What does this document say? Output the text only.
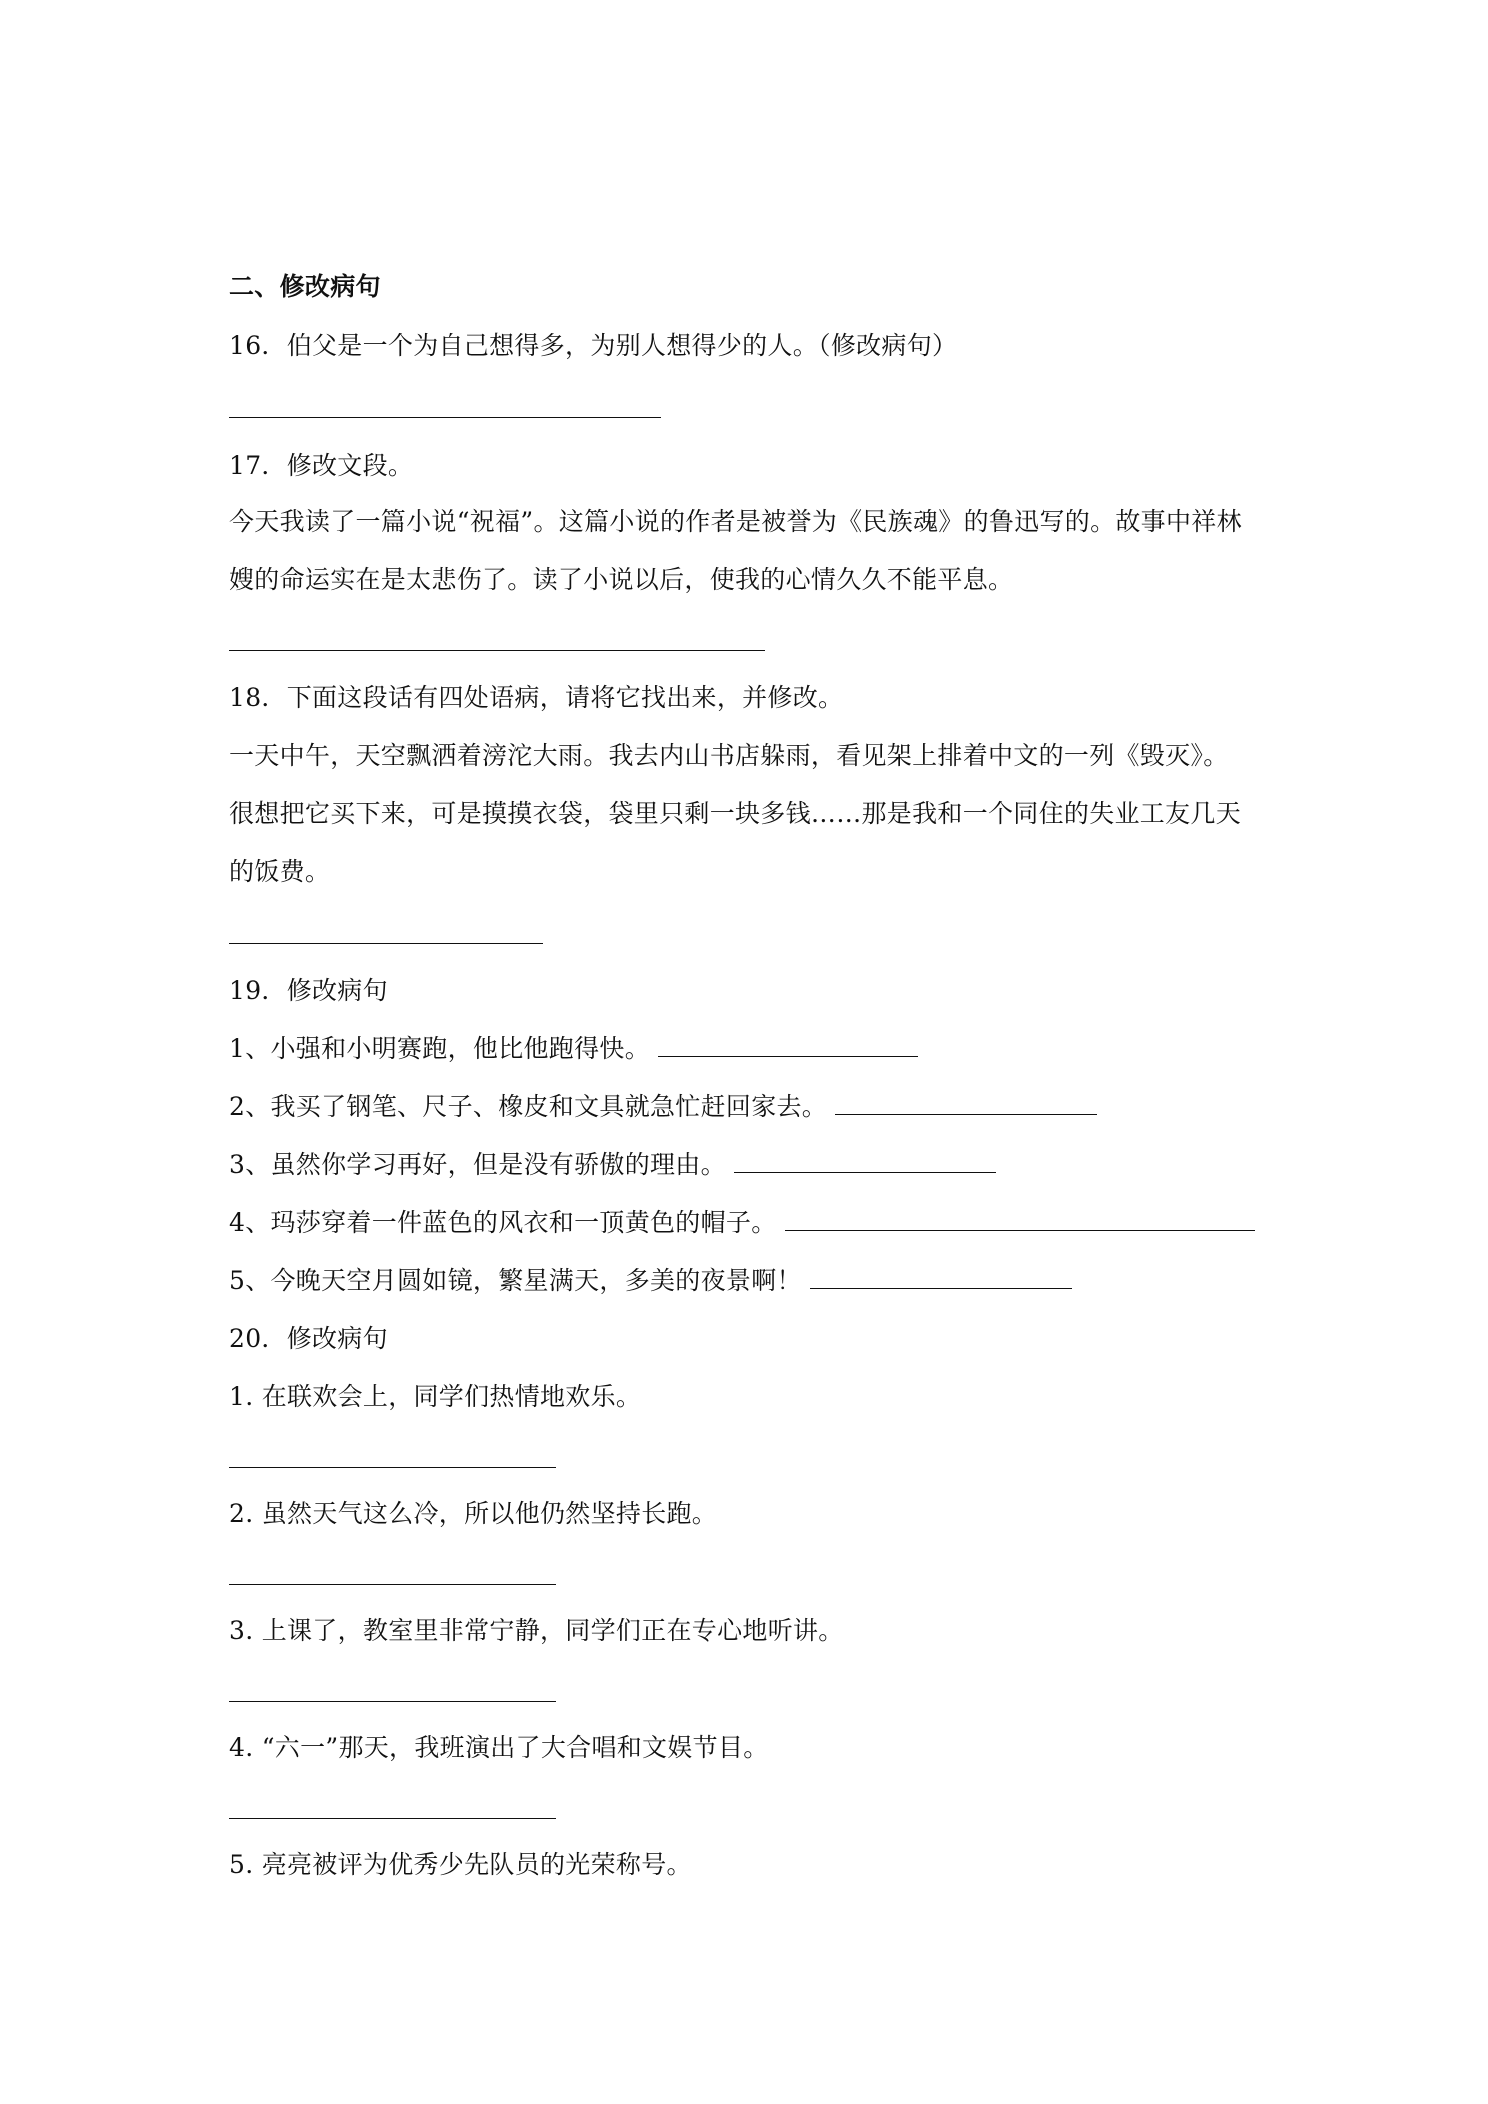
二、修改病句
16．伯父是一个为自己想得多，为别人想得少的人。（修改病句）
17．修改文段。
今天我读了一篇小说“祝福”。这篇小说的作者是被誉为《民族魂》的鲁迅写的。故事中祥林
嫂的命运实在是太悲伤了。读了小说以后，使我的心情久久不能平息。
18．下面这段话有四处语病，请将它找出来，并修改。
一天中午，天空飘洒着滂沱大雨。我去内山书店躲雨，看见架上排着中文的一列《毁灭》。
很想把它买下来，可是摸摸衣袋，袋里只剩一块多钱……那是我和一个同住的失业工友几天
的饭费。
19．修改病句
1、小强和小明赛跑，他比他跑得快。
2、我买了钢笔、尺子、橡皮和文具就急忙赶回家去。
3、虽然你学习再好，但是没有骄傲的理由。
4、玛莎穿着一件蓝色的风衣和一顶黄色的帽子。
5、今晚天空月圆如镜，繁星满天，多美的夜景啊！
20．修改病句
1. 在联欢会上，同学们热情地欢乐。
2. 虽然天气这么冷，所以他仍然坚持长跑。
3. 上课了，教室里非常宁静，同学们正在专心地听讲。
4. “六一”那天，我班演出了大合唱和文娱节目。
5. 亮亮被评为优秀少先队员的光荣称号。
